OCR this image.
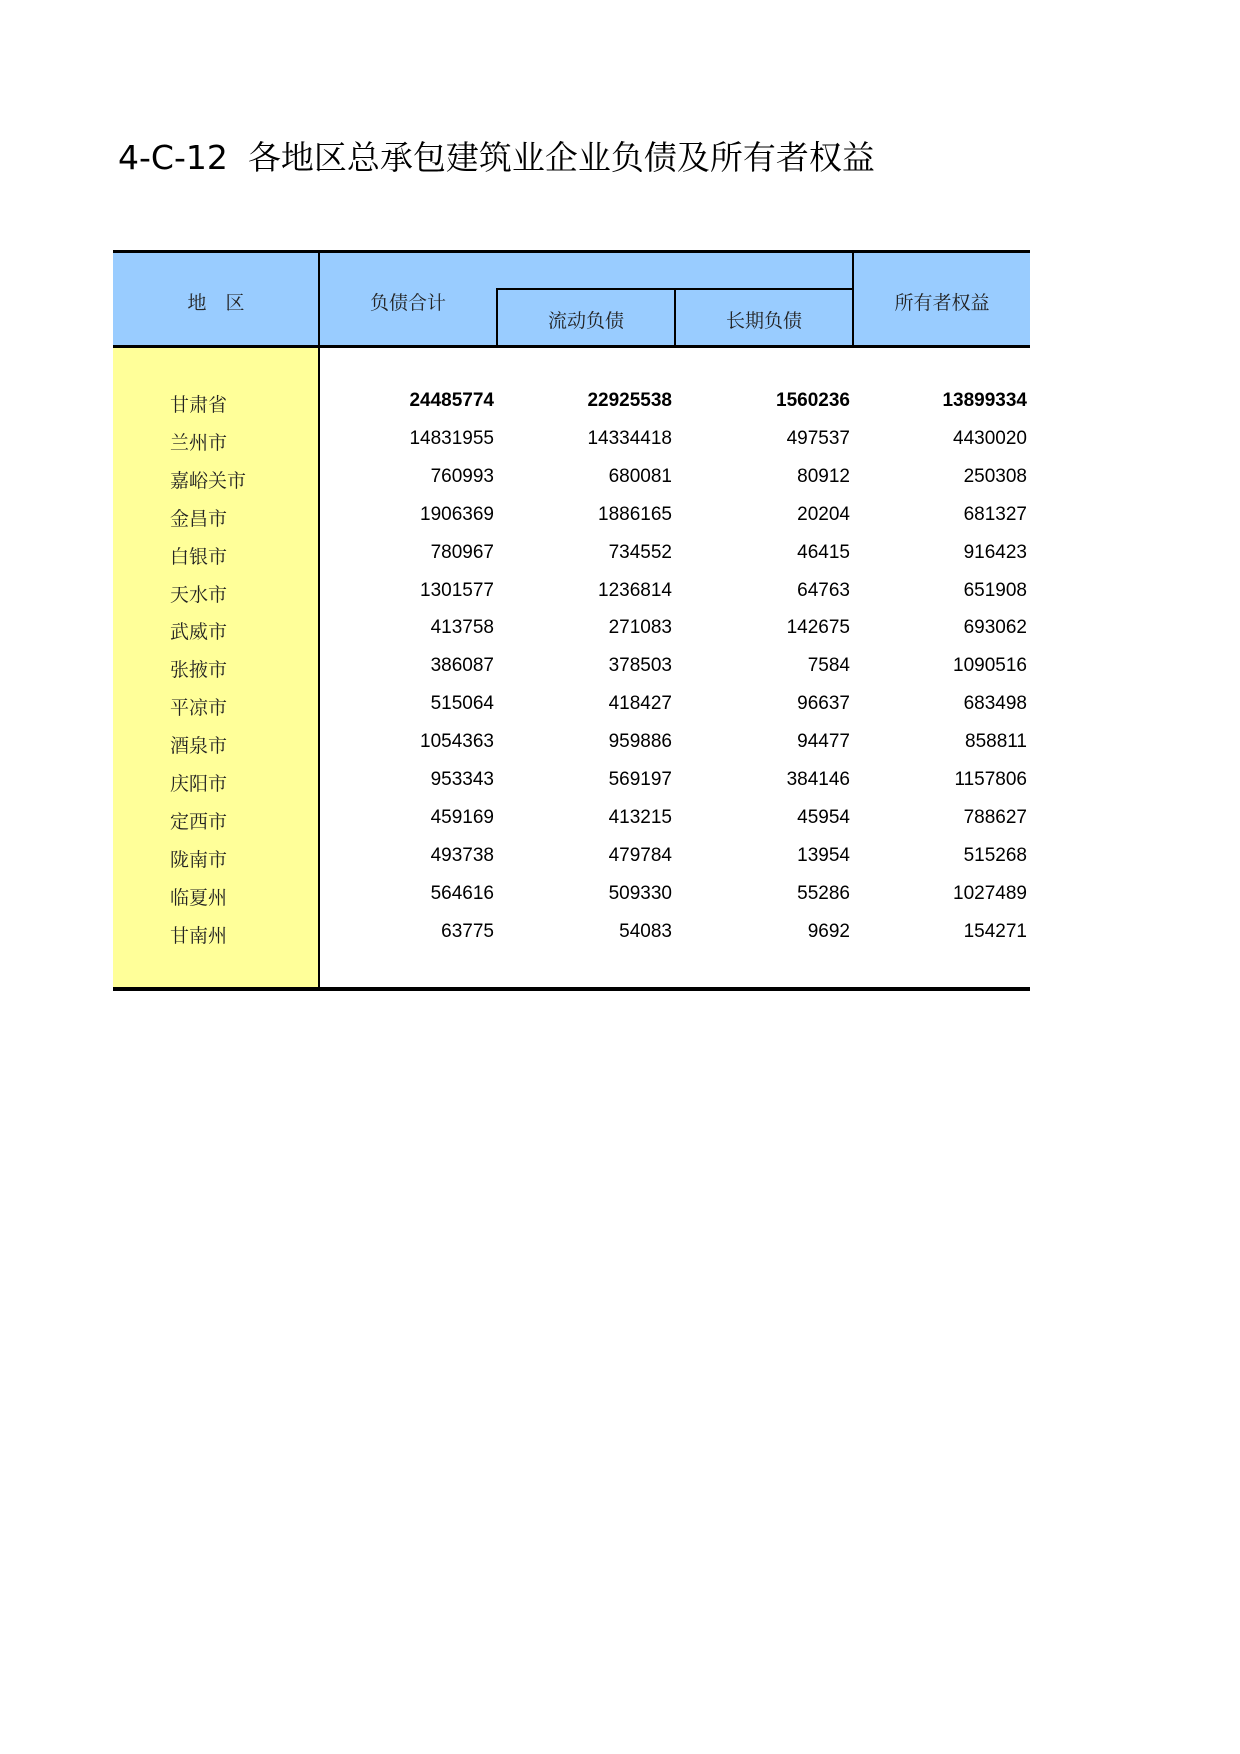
4-C-12 各地区总承包建筑业企业负债及所有者权益
地　区	负债合计
流动负债	长期负债
所有者权益
甘肃省	24485774	22925538	1560236	13899334
兰州市	14831955	14334418	497537	4430020
嘉峪关市	760993	680081	80912	250308
金昌市	1906369	1886165	20204	681327
白银市	780967	734552	46415	916423
天水市	1301577	1236814	64763	651908
武威市	413758	271083	142675	693062
张掖市	386087	378503	7584	1090516
平凉市	515064	418427	96637	683498
酒泉市	1054363	959886	94477	858811
庆阳市	953343	569197	384146	1157806
定西市	459169	413215	45954	788627
陇南市	493738	479784	13954	515268
临夏州	564616	509330	55286	1027489
甘南州	63775	54083	9692	154271
